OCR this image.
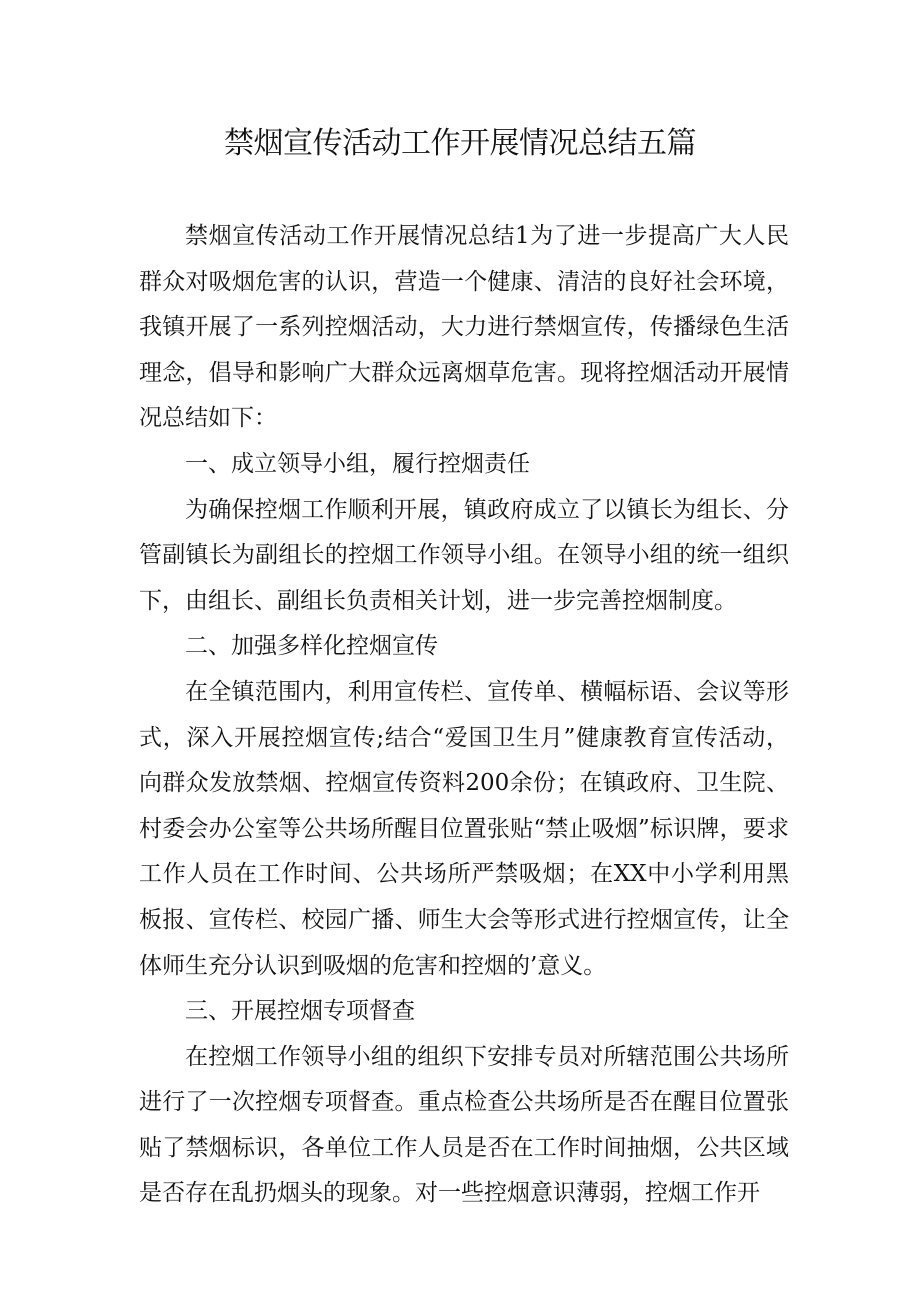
禁烟宣传活动工作开展情况总结五篇

禁烟宣传活动工作开展情况总结1为了进一步提高广大人民群众对吸烟危害的认识，营造一个健康、清洁的良好社会环境，我镇开展了一系列控烟活动，大力进行禁烟宣传，传播绿色生活理念，倡导和影响广大群众远离烟草危害。现将控烟活动开展情况总结如下：

一、成立领导小组，履行控烟责任

为确保控烟工作顺利开展，镇政府成立了以镇长为组长、分管副镇长为副组长的控烟工作领导小组。在领导小组的统一组织下，由组长、副组长负责相关计划，进一步完善控烟制度。

二、加强多样化控烟宣传

在全镇范围内，利用宣传栏、宣传单、横幅标语、会议等形式，深入开展控烟宣传;结合“爱国卫生月”健康教育宣传活动，向群众发放禁烟、控烟宣传资料200余份；在镇政府、卫生院、村委会办公室等公共场所醒目位置张贴“禁止吸烟”标识牌，要求工作人员在工作时间、公共场所严禁吸烟；在XX中小学利用黑板报、宣传栏、校园广播、师生大会等形式进行控烟宣传，让全体师生充分认识到吸烟的危害和控烟的’意义。

三、开展控烟专项督查

在控烟工作领导小组的组织下安排专员对所辖范围公共场所进行了一次控烟专项督查。重点检查公共场所是否在醒目位置张贴了禁烟标识，各单位工作人员是否在工作时间抽烟，公共区域是否存在乱扔烟头的现象。对一些控烟意识薄弱，控烟工作开
